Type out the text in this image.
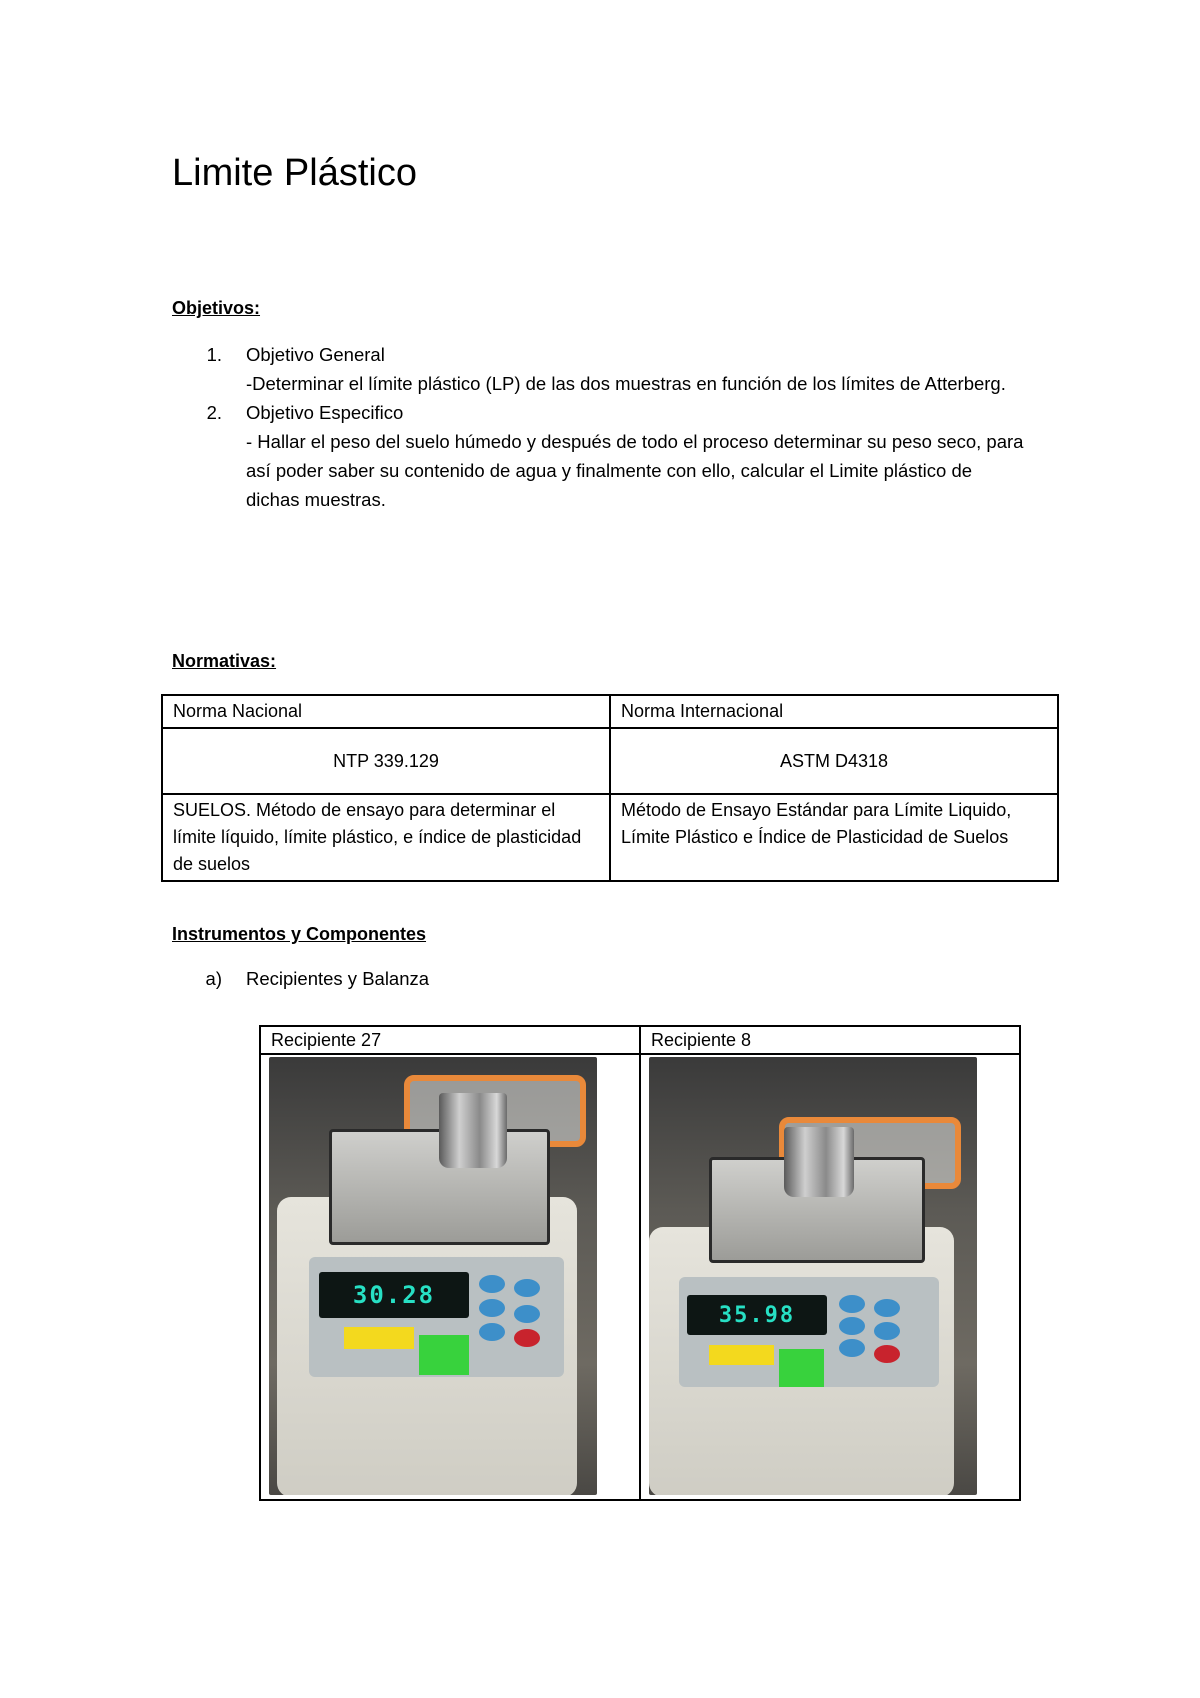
Limite Plástico
Objetivos:
1.	Objetivo General
-Determinar el límite plástico (LP) de las dos muestras en función de los límites de Atterberg.
2.	Objetivo Especifico
- Hallar el peso del suelo húmedo y después de todo el proceso determinar su peso seco, para así poder saber su contenido de agua y finalmente con ello, calcular el Limite plástico de dichas muestras.
Normativas:
Norma Nacional	Norma Internacional
NTP 339.129	ASTM D4318
SUELOS. Método de ensayo para determinar el límite líquido, límite plástico, e índice de plasticidad de suelos	Método de Ensayo Estándar para Límite Liquido, Límite Plástico e Índice de Plasticidad de Suelos
Instrumentos y Componentes
a)	Recipientes y Balanza
Recipiente 27	Recipiente 8

30.28	35.98
